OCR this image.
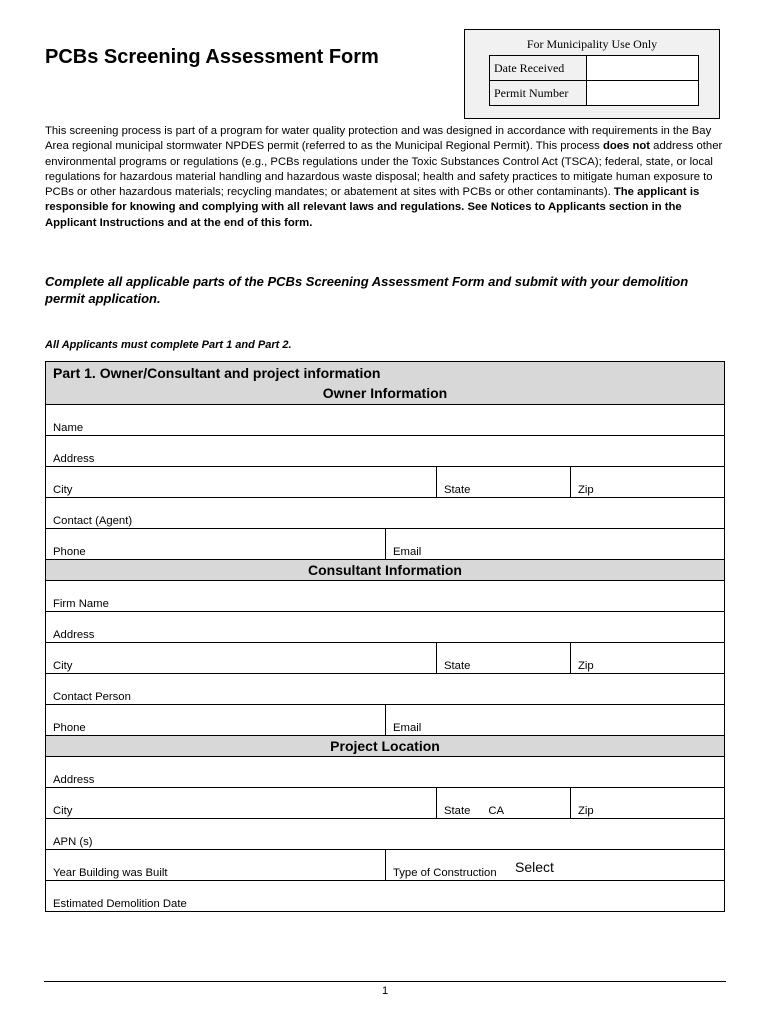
PCBs Screening Assessment Form
For Municipality Use Only
Date Received	
Permit Number	
This screening process is part of a program for water quality protection and was designed in accordance with requirements in the Bay Area regional municipal stormwater NPDES permit (referred to as the Municipal Regional Permit). This process does not address other environmental programs or regulations (e.g., PCBs regulations under the Toxic Substances Control Act (TSCA); federal, state, or local regulations for hazardous material handling and hazardous waste disposal; health and safety practices to mitigate human exposure to PCBs or other hazardous materials; recycling mandates; or abatement at sites with PCBs or other contaminants). The applicant is responsible for knowing and complying with all relevant laws and regulations. See Notices to Applicants section in the Applicant Instructions and at the end of this form.
Complete all applicable parts of the PCBs Screening Assessment Form and submit with your demolition permit application.
All Applicants must complete Part 1 and Part 2.
Part 1. Owner/Consultant and project information
Owner Information
Name
Address
City	State	Zip
Contact (Agent)
Phone	Email
Consultant Information
Firm Name
Address
City	State	Zip
Contact Person
Phone	Email
Project Location
Address
City	State CA	Zip
APN (s)
Year Building was Built	Type of Construction Select
Estimated Demolition Date
1
